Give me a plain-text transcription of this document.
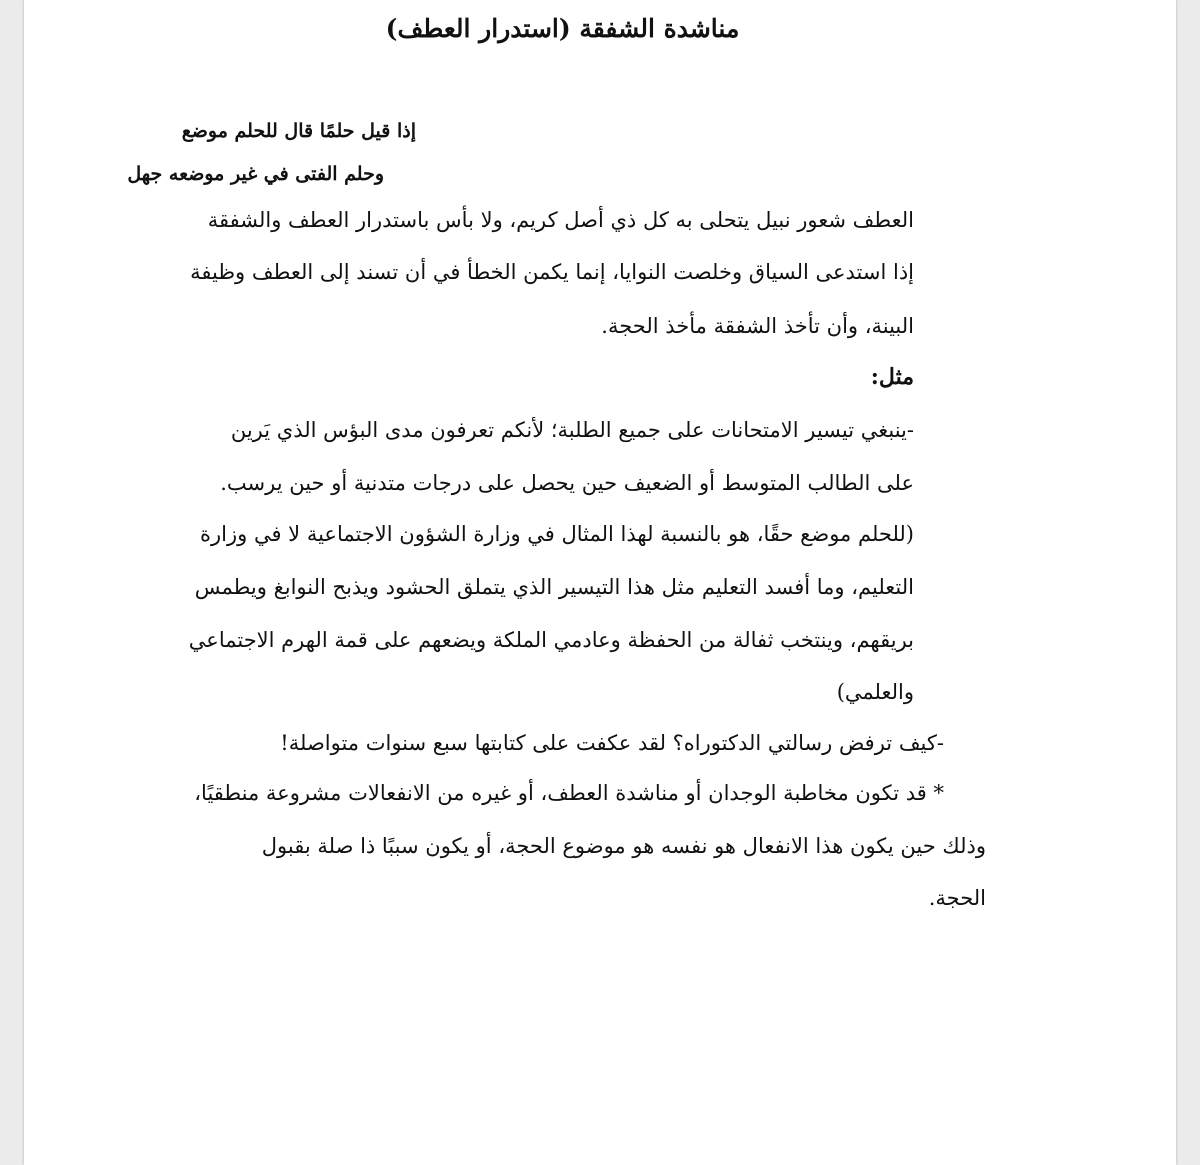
مناشدة الشفقة (استدرار العطف)
إذا قيل حلمًا قال للحلم موضع
وحلم الفتى في غير موضعه جهل
العطف شعور نبيل يتحلى به كل ذي أصل كريم، ولا بأس باستدرار العطف والشفقة
إذا استدعى السياق وخلصت النوايا، إنما يكمن الخطأ في أن تسند إلى العطف وظيفة
البينة، وأن تأخذ الشفقة مأخذ الحجة.
مثل:
-ينبغي تيسير الامتحانات على جميع الطلبة؛ لأنكم تعرفون مدى البؤس الذي يَرين
على الطالب المتوسط أو الضعيف حين يحصل على درجات متدنية أو حين يرسب.
(للحلم موضع حقًا، هو بالنسبة لهذا المثال في وزارة الشؤون الاجتماعية لا في وزارة
التعليم، وما أفسد التعليم مثل هذا التيسير الذي يتملق الحشود ويذبح النوابغ ويطمس
بريقهم، وينتخب ثفالة من الحفظة وعادمي الملكة ويضعهم على قمة الهرم الاجتماعي
والعلمي)
-كيف ترفض رسالتي الدكتوراه؟ لقد عكفت على كتابتها سبع سنوات متواصلة!
* قد تكون مخاطبة الوجدان أو مناشدة العطف، أو غيره من الانفعالات مشروعة منطقيًا،
وذلك حين يكون هذا الانفعال هو نفسه هو موضوع الحجة، أو يكون سببًا ذا صلة بقبول
الحجة.
